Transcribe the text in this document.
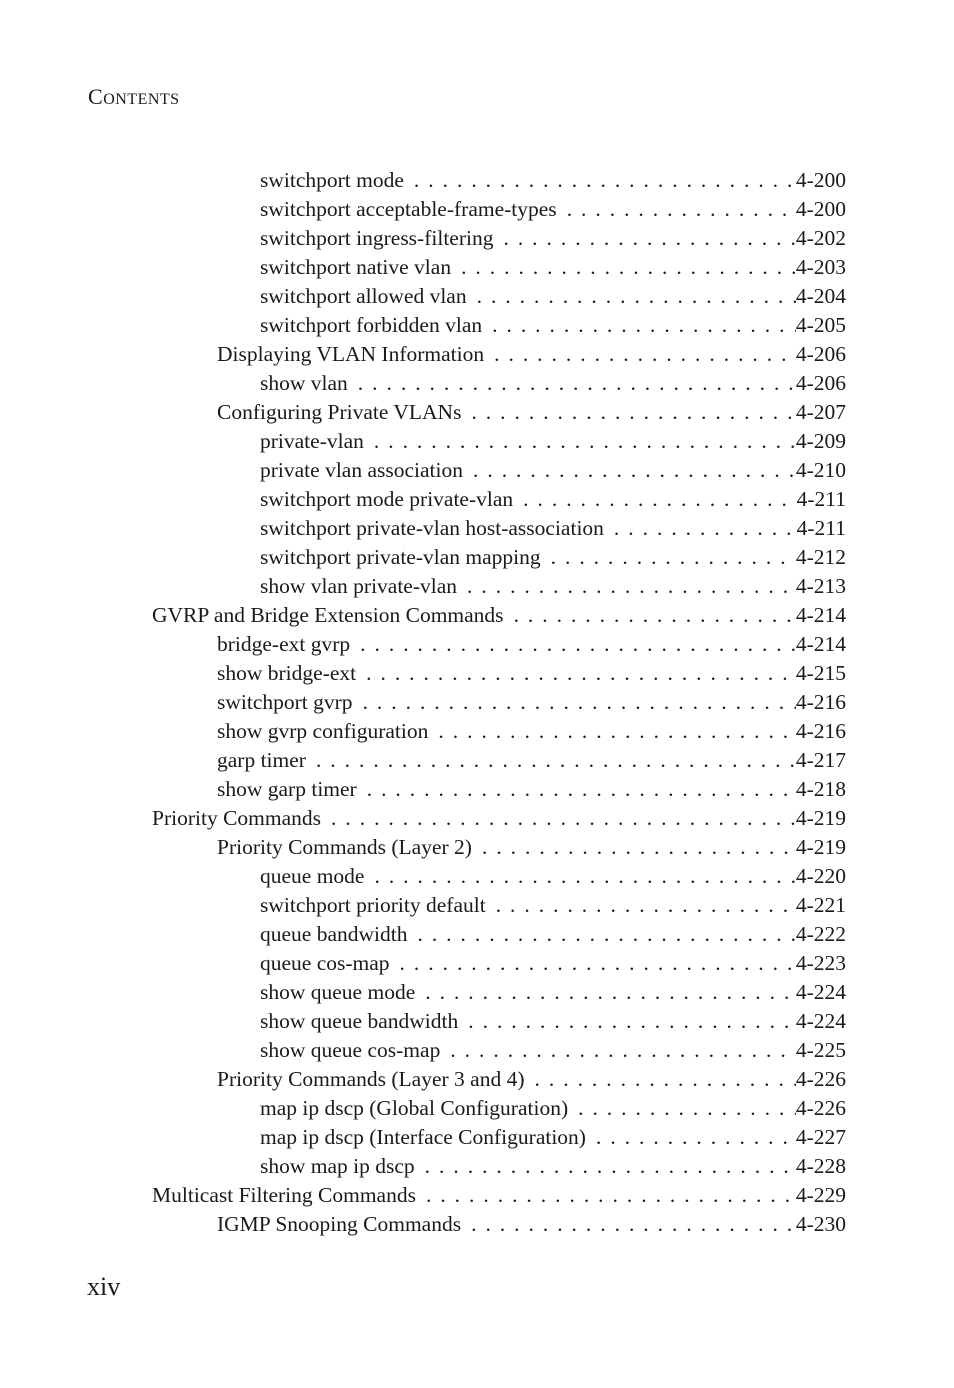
CONTENTS
switchport mode . . .	4-200
switchport acceptable-frame-types . . .	4-200
switchport ingress-filtering . . .	4-202
switchport native vlan . . .	4-203
switchport allowed vlan . . .	4-204
switchport forbidden vlan . . .	4-205
Displaying VLAN Information . . .	4-206
show vlan . . .	4-206
Configuring Private VLANs . . .	4-207
private-vlan . . .	4-209
private vlan association . . .	4-210
switchport mode private-vlan . . .	4-211
switchport private-vlan host-association . . .	4-211
switchport private-vlan mapping . . .	4-212
show vlan private-vlan . . .	4-213
GVRP and Bridge Extension Commands . . .	4-214
bridge-ext gvrp . . .	4-214
show bridge-ext . . .	4-215
switchport gvrp . . .	4-216
show gvrp configuration . . .	4-216
garp timer . . .	4-217
show garp timer . . .	4-218
Priority Commands . . .	4-219
Priority Commands (Layer 2) . . .	4-219
queue mode . . .	4-220
switchport priority default . . .	4-221
queue bandwidth . . .	4-222
queue cos-map . . .	4-223
show queue mode . . .	4-224
show queue bandwidth . . .	4-224
show queue cos-map . . .	4-225
Priority Commands (Layer 3 and 4) . . .	4-226
map ip dscp (Global Configuration) . . .	4-226
map ip dscp (Interface Configuration) . . .	4-227
show map ip dscp . . .	4-228
Multicast Filtering Commands . . .	4-229
IGMP Snooping Commands . . .	4-230
xiv
